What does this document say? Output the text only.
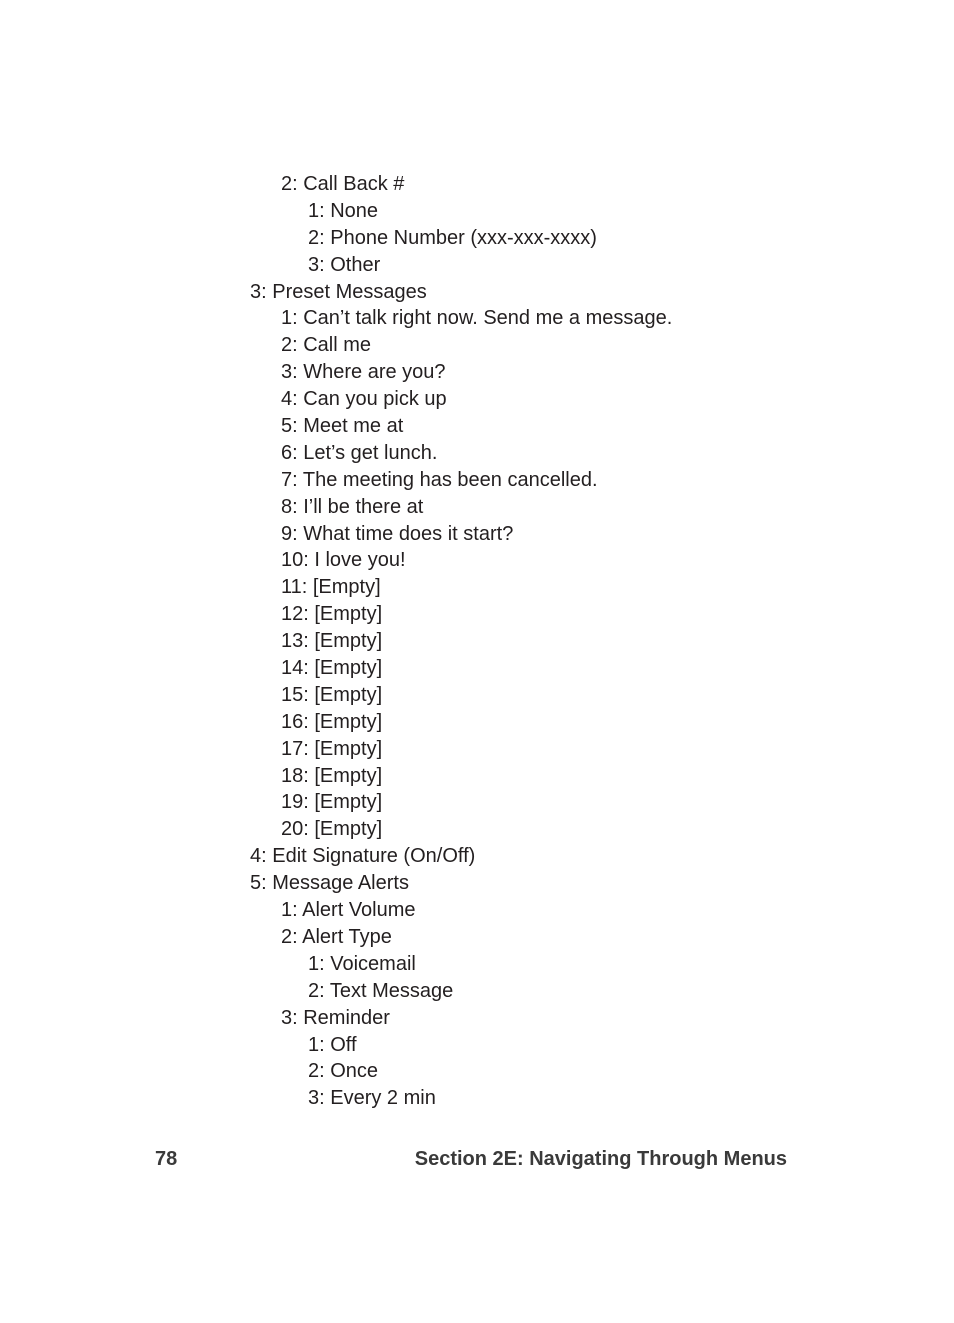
2: Call Back #
1: None
2: Phone Number (xxx-xxx-xxxx)
3: Other
3: Preset Messages
1: Can’t talk right now. Send me a message.
2: Call me
3: Where are you?
4: Can you pick up
5: Meet me at
6: Let’s get lunch.
7: The meeting has been cancelled.
8: I’ll be there at
9: What time does it start?
10: I love you!
11: [Empty]
12: [Empty]
13: [Empty]
14: [Empty]
15: [Empty]
16: [Empty]
17: [Empty]
18: [Empty]
19: [Empty]
20: [Empty]
4: Edit Signature (On/Off)
5: Message Alerts
1: Alert Volume
2: Alert Type
1: Voicemail
2: Text Message
3: Reminder
1: Off
2: Once
3: Every 2 min
78	Section 2E: Navigating Through Menus
